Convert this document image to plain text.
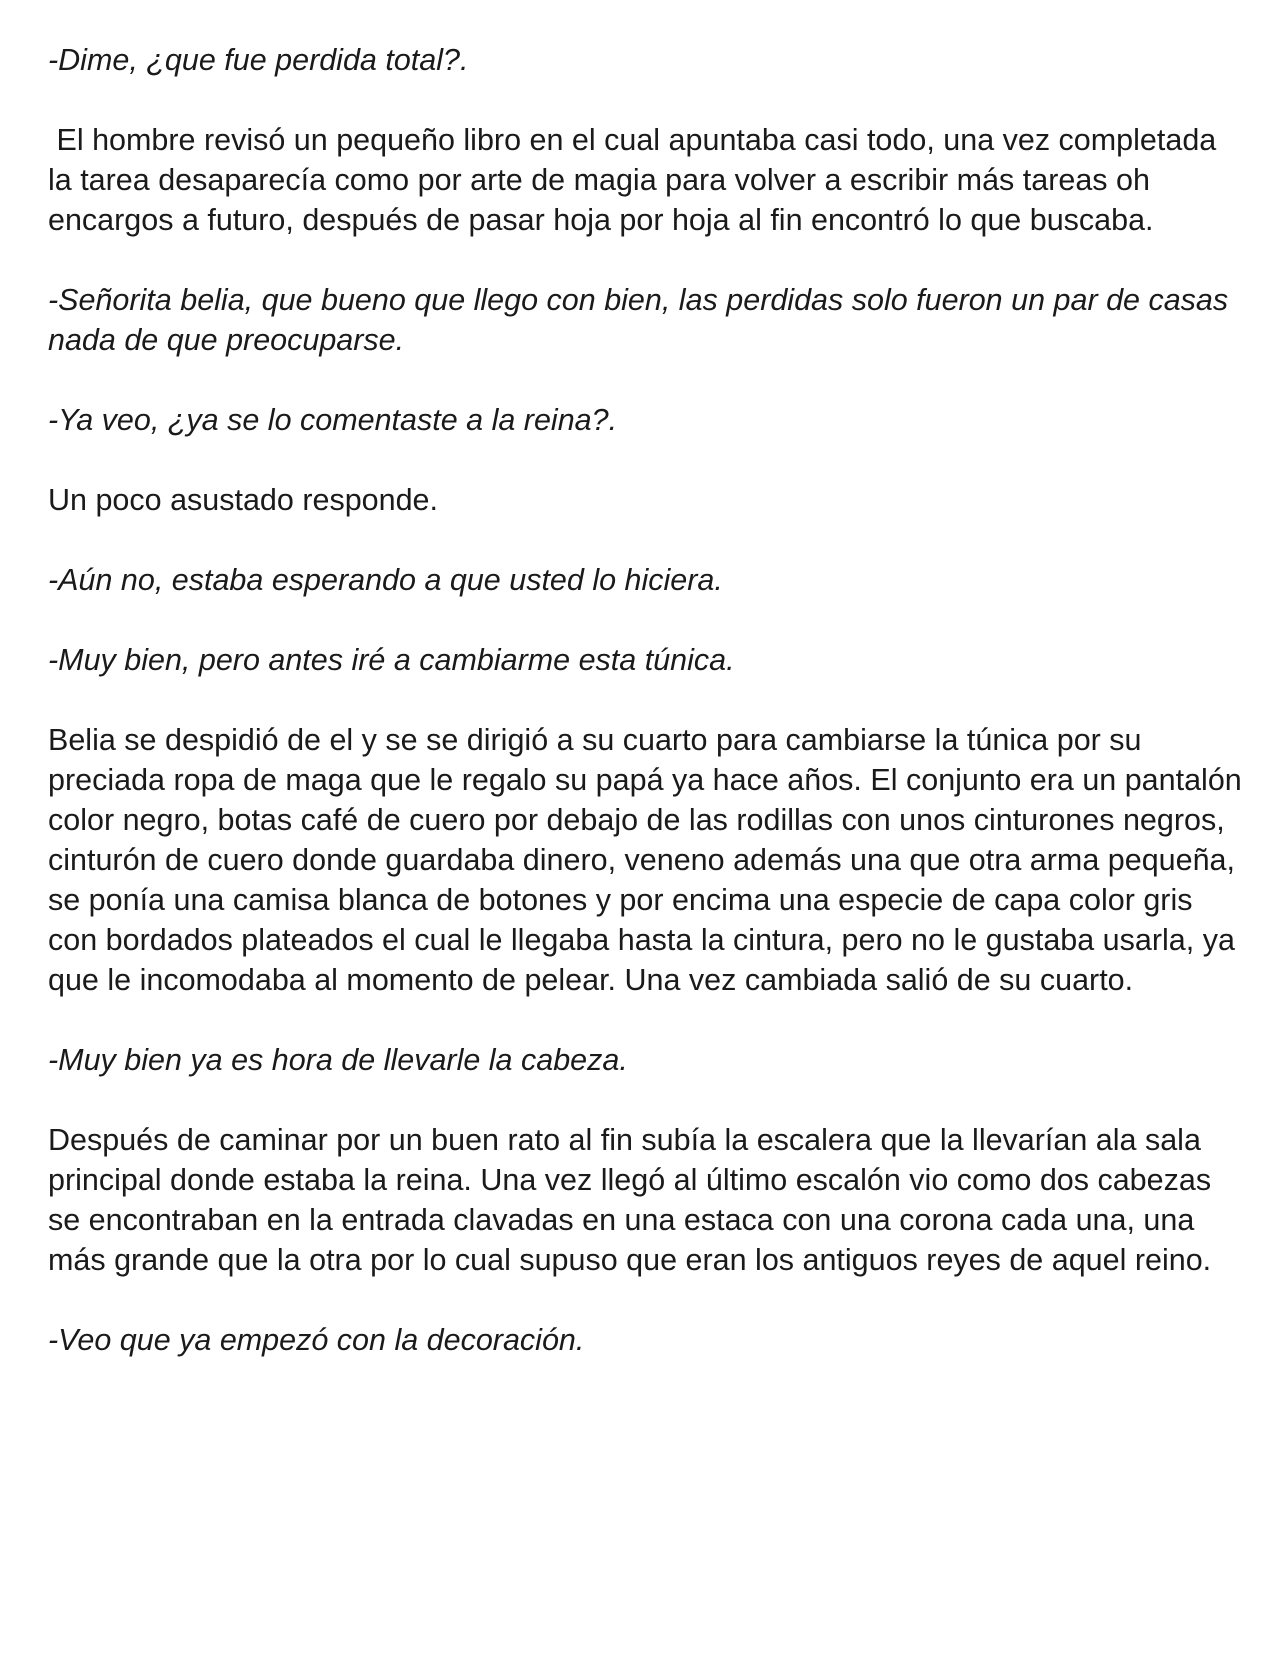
-Dime, ¿que fue perdida total?.

El hombre revisó un pequeño libro en el cual apuntaba casi todo, una vez completada la tarea desaparecía como por arte de magia para volver a escribir más tareas oh encargos a futuro, después de pasar hoja por hoja al fin encontró lo que buscaba.

-Señorita belia, que bueno que llego con bien, las perdidas solo fueron un par de casas nada de que preocuparse.

-Ya veo, ¿ya se lo comentaste a la reina?.

Un poco asustado responde.

-Aún no, estaba esperando a que usted lo hiciera.

-Muy bien, pero antes iré a cambiarme esta túnica.

Belia se despidió de el y se se dirigió a su cuarto para cambiarse la túnica por su preciada ropa de maga que le regalo su papá ya hace años. El conjunto era un pantalón color negro, botas café de cuero por debajo de las rodillas con unos cinturones negros, cinturón de cuero donde guardaba dinero, veneno además una que otra arma pequeña, se ponía una camisa blanca de botones y por encima una especie de capa color gris con bordados plateados el cual le llegaba hasta la cintura, pero no le gustaba usarla, ya que le incomodaba al momento de pelear. Una vez cambiada salió de su cuarto.

-Muy bien ya es hora de llevarle la cabeza.

Después de caminar por un buen rato al fin subía la escalera que la llevarían ala sala principal donde estaba la reina. Una vez llegó al último escalón vio como dos cabezas se encontraban en la entrada clavadas en una estaca con una corona cada una, una más grande que la otra por lo cual supuso que eran los antiguos reyes de aquel reino.

-Veo que ya empezó con la decoración.
